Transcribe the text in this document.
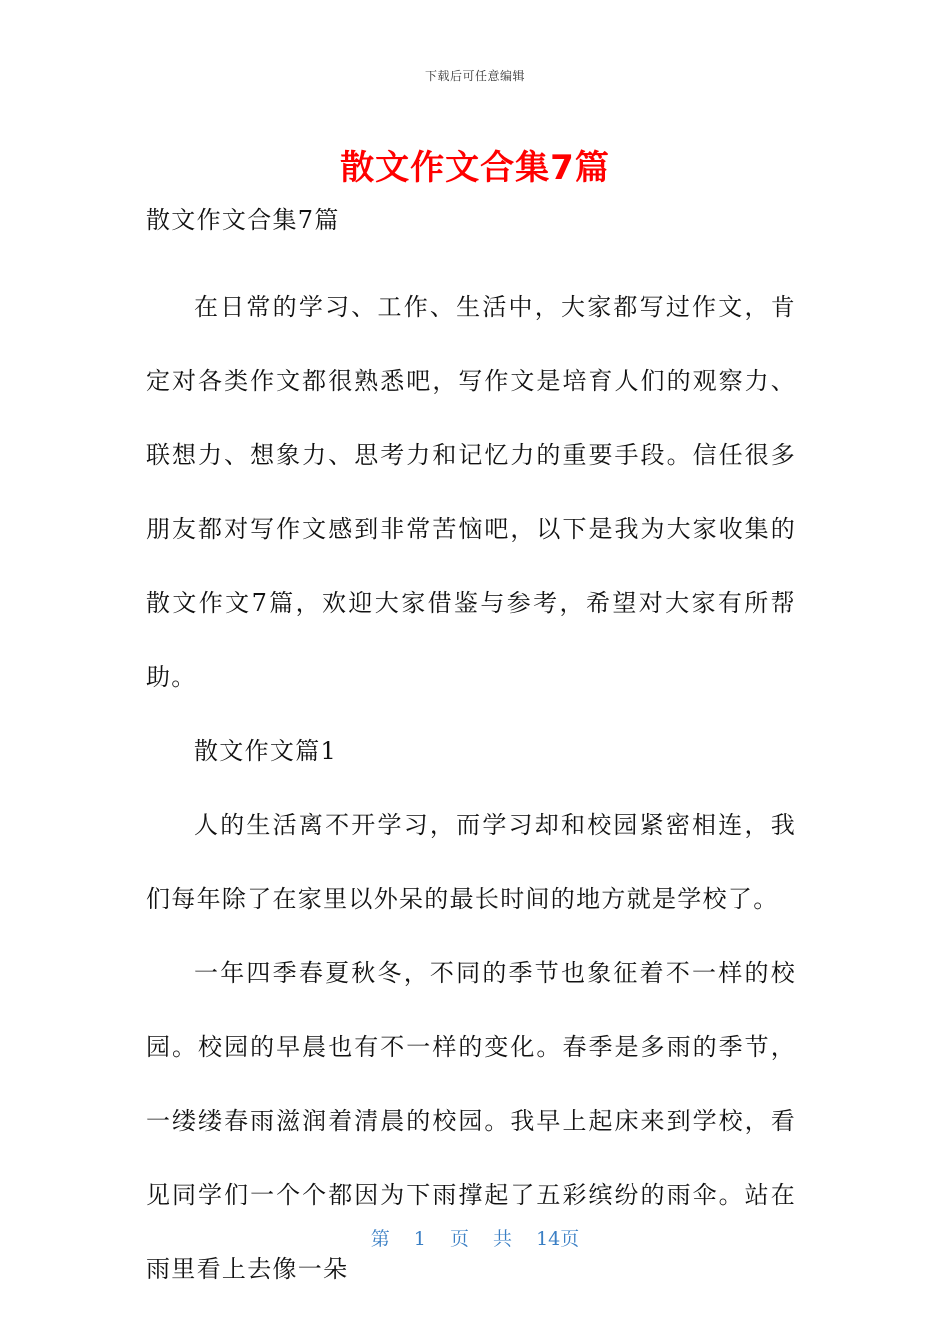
下载后可任意编辑
散文作文合集7篇

散文作文合集7篇

在日常的学习、工作、生活中，大家都写过作文，肯定对各类作文都很熟悉吧，写作文是培育人们的观察力、联想力、想象力、思考力和记忆力的重要手段。信任很多朋友都对写作文感到非常苦恼吧，以下是我为大家收集的散文作文7篇，欢迎大家借鉴与参考，希望对大家有所帮助。

散文作文篇1

人的生活离不开学习，而学习却和校园紧密相连，我们每年除了在家里以外呆的最长时间的地方就是学校了。

一年四季春夏秋冬，不同的季节也象征着不一样的校园。校园的早晨也有不一样的变化。春季是多雨的季节，一缕缕春雨滋润着清晨的校园。我早上起床来到学校，看见同学们一个个都因为下雨撑起了五彩缤纷的雨伞。站在雨里看上去像一朵

第 1 页 共 14页
